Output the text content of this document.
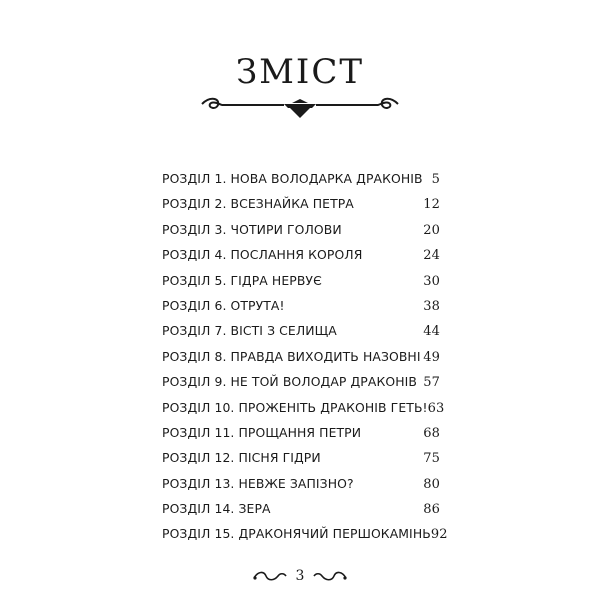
ЗМІСТ
РОЗДІЛ 1. НОВА ВОЛОДАРКА ДРАКОНІВ 5
РОЗДІЛ 2. ВСЕЗНАЙКА ПЕТРА	12
РОЗДІЛ 3. ЧОТИРИ ГОЛОВИ	20
РОЗДІЛ 4. ПОСЛАННЯ КОРОЛЯ	24
РОЗДІЛ 5. ГІДРА НЕРВУЄ	30
РОЗДІЛ 6. ОТРУТА!	38
РОЗДІЛ 7. ВІСТІ З СЕЛИЩА	44
РОЗДІЛ 8. ПРАВДА ВИХОДИТЬ НАЗОВНІ 49
РОЗДІЛ 9. НЕ ТОЙ ВОЛОДАР ДРАКОНІВ 57
РОЗДІЛ 10. ПРОЖЕНІТЬ ДРАКОНІВ ГЕТЬ! 63
РОЗДІЛ 11. ПРОЩАННЯ ПЕТРИ	68
РОЗДІЛ 12. ПІСНЯ ГІДРИ	75
РОЗДІЛ 13. НЕВЖЕ ЗАПІЗНО?	80
РОЗДІЛ 14. ЗЕРА	86
РОЗДІЛ 15. ДРАКОНЯЧИЙ ПЕРШОКАМІНЬ 92
3
